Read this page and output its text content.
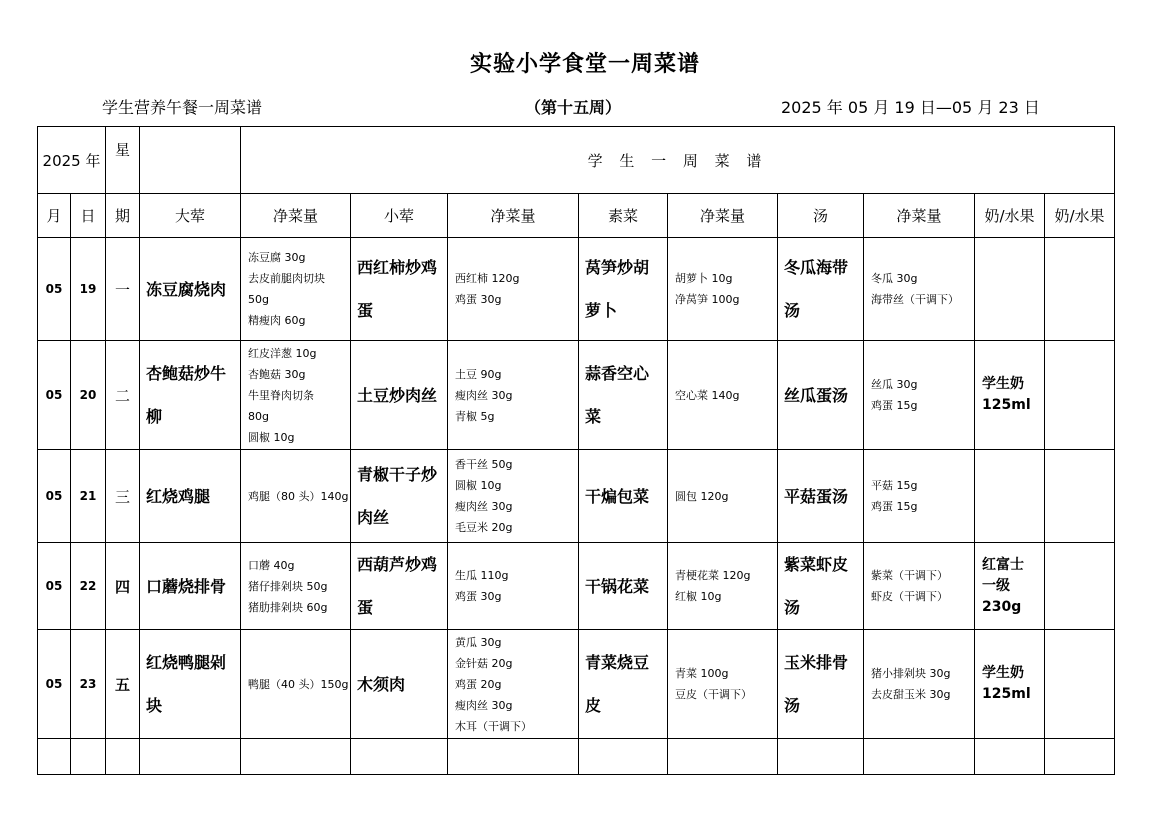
实验小学食堂一周菜谱
学生营养午餐一周菜谱	（第十五周）	2025 年 05 月 19 日—05 月 23 日
2025 年		星		学 生 一 周 菜 谱								
月	日	期	大荤	净菜量	小荤	净菜量	素菜	净菜量	汤	净菜量	奶/水果	奶/水果
05	19	一	冻豆腐烧肉	冻豆腐 30g
去皮前腿肉切块
50g
精瘦肉 60g	西红柿炒鸡蛋	西红柿 120g
鸡蛋 30g	莴笋炒胡萝卜	胡萝卜 10g
净莴笋 100g	冬瓜海带汤	冬瓜 30g
海带丝（干调下）		

05	20	二	杏鲍菇炒牛柳	红皮洋葱 10g
杏鲍菇 30g
牛里脊肉切条
80g
圆椒 10g	土豆炒肉丝	土豆 90g
瘦肉丝 30g
青椒 5g	蒜香空心菜	空心菜 140g	丝瓜蛋汤	丝瓜 30g
鸡蛋 15g	学生奶 125ml	
05	21	三	红烧鸡腿	鸡腿（80 头）140g	青椒干子炒肉丝	香干丝 50g
圆椒 10g
瘦肉丝 30g
毛豆米 20g	干煸包菜	圆包 120g	平菇蛋汤	平菇 15g
鸡蛋 15g		

05	22	四	口蘑烧排骨	口蘑 40g
猪仔排剁块 50g
猪肋排剁块 60g	西葫芦炒鸡蛋	生瓜 110g
鸡蛋 30g	干锅花菜	青梗花菜 120g
红椒 10g	紫菜虾皮汤	紫菜（干调下）
虾皮（干调下）	红富士一级 230g	
05	23	五	红烧鸭腿剁块	鸭腿（40 头）150g	木须肉	黄瓜 30g
金针菇 20g
鸡蛋 20g
瘦肉丝 30g
木耳（干调下）	青菜烧豆皮	青菜 100g
豆皮（干调下）	玉米排骨汤	猪小排剁块 30g
去皮甜玉米 30g	学生奶 125ml	
